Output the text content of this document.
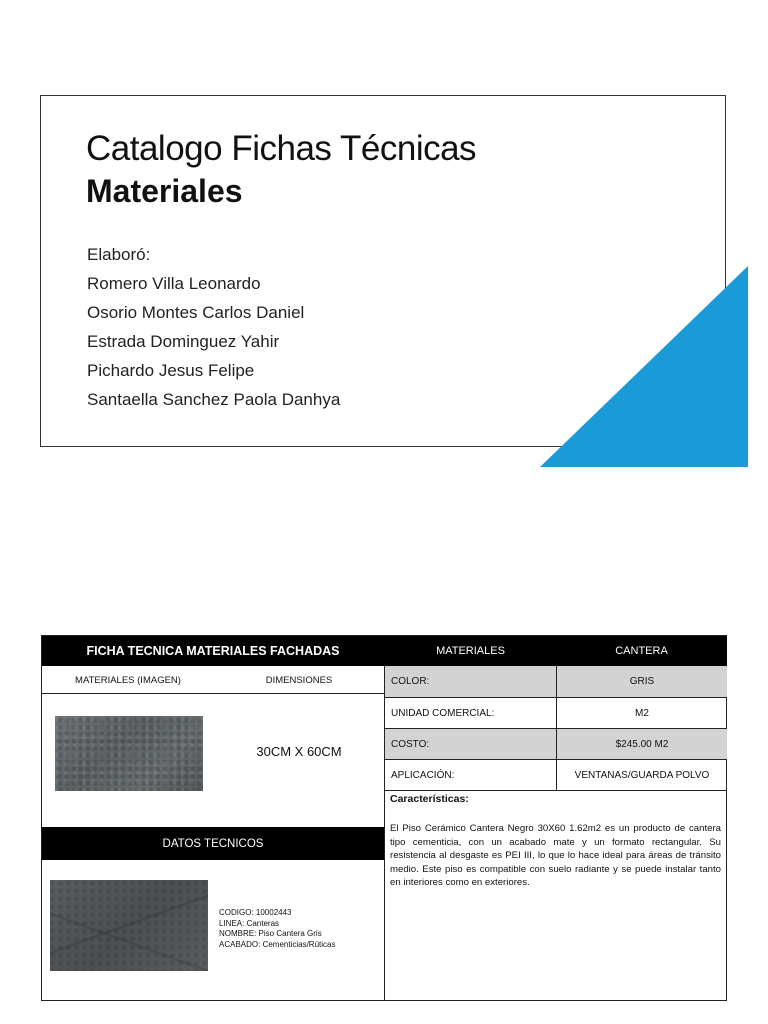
Catalogo Fichas Técnicas
Materiales
Elaboró:
Romero Villa Leonardo
Osorio Montes Carlos Daniel
Estrada Dominguez Yahir
Pichardo Jesus Felipe
Santaella Sanchez Paola Danhya
FICHA TECNICA MATERIALES FACHADAS	MATERIALES	CANTERA
MATERIALES (IMAGEN)	DIMENSIONES
30CM X 60CM
DATOS TECNICOS
CODIGO: 10002443
LINEA: Canteras
NOMBRE: Piso Cantera Gris
ACABADO: Cementicias/Rúticas
COLOR:	GRIS
UNIDAD COMERCIAL:	M2
COSTO:	$245.00 M2
APLICACIÓN:	VENTANAS/GUARDA POLVO
Características:
El Piso Cerámico Cantera Negro 30X60 1.62m2 es un producto de cantera tipo cementicia, con un acabado mate y un formato rectangular. Su resistencia al desgaste es PEI III, lo que lo hace ideal para áreas de tránsito medio. Este piso es compatible con suelo radiante y se puede instalar tanto en interiores como en exteriores.
